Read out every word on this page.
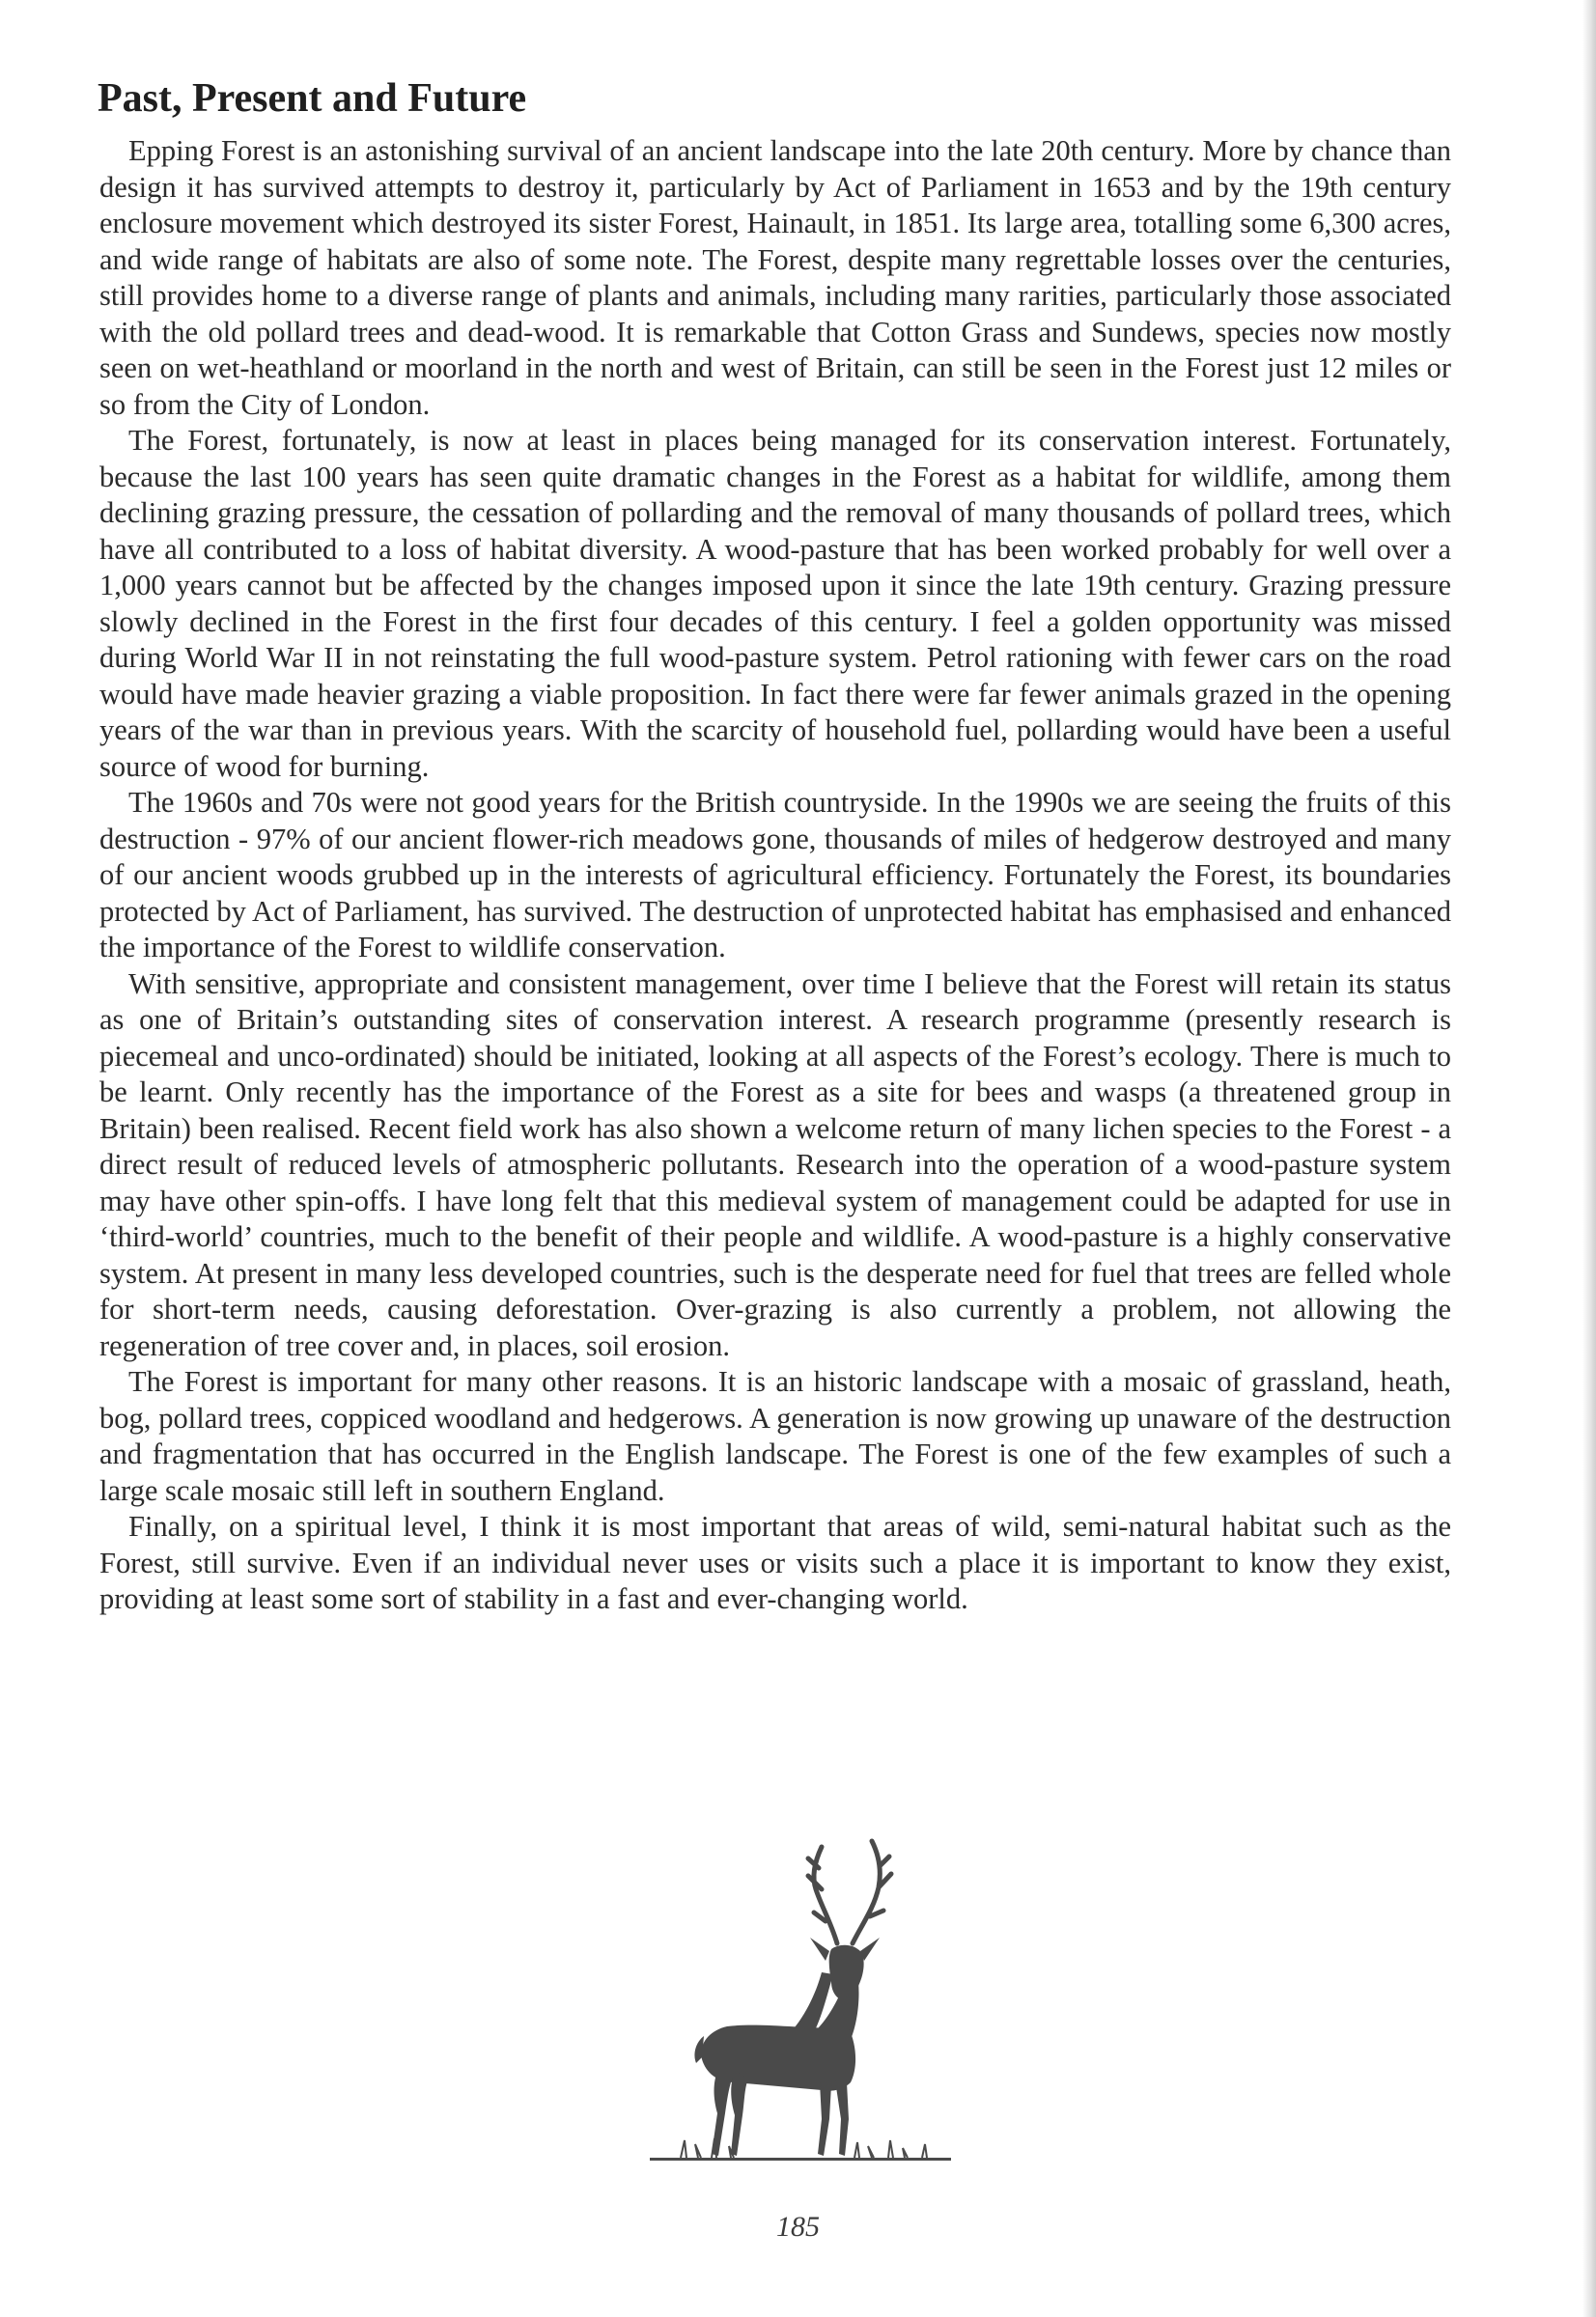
Past, Present and Future

Epping Forest is an astonishing survival of an ancient landscape into the late 20th century. More by chance than design it has survived attempts to destroy it, particularly by Act of Parliament in 1653 and by the 19th century enclosure movement which destroyed its sister Forest, Hainault, in 1851. Its large area, totalling some 6,300 acres, and wide range of habitats are also of some note. The Forest, despite many regrettable losses over the centuries, still provides home to a diverse range of plants and animals, including many rarities, particularly those associated with the old pollard trees and dead-wood. It is remarkable that Cotton Grass and Sundews, species now mostly seen on wet-heathland or moorland in the north and west of Britain, can still be seen in the Forest just 12 miles or so from the City of London.

The Forest, fortunately, is now at least in places being managed for its conservation interest. Fortunately, because the last 100 years has seen quite dramatic changes in the Forest as a habitat for wildlife, among them declining grazing pressure, the cessation of pollarding and the removal of many thousands of pollard trees, which have all contributed to a loss of habitat diversity. A wood-pasture that has been worked probably for well over a 1,000 years cannot but be affected by the changes imposed upon it since the late 19th century. Grazing pressure slowly declined in the Forest in the first four decades of this century. I feel a golden opportunity was missed during World War II in not reinstating the full wood-pasture system. Petrol rationing with fewer cars on the road would have made heavier grazing a viable proposition. In fact there were far fewer animals grazed in the opening years of the war than in previous years. With the scarcity of household fuel, pollarding would have been a useful source of wood for burning.

The 1960s and 70s were not good years for the British countryside. In the 1990s we are seeing the fruits of this destruction - 97% of our ancient flower-rich meadows gone, thousands of miles of hedgerow destroyed and many of our ancient woods grubbed up in the interests of agricultural efficiency. Fortunately the Forest, its boundaries protected by Act of Parliament, has survived. The destruction of unprotected habitat has emphasised and enhanced the importance of the Forest to wildlife conservation.

With sensitive, appropriate and consistent management, over time I believe that the Forest will retain its status as one of Britain’s outstanding sites of conservation interest. A research programme (presently research is piecemeal and unco-ordinated) should be initiated, looking at all aspects of the Forest’s ecology. There is much to be learnt. Only recently has the importance of the Forest as a site for bees and wasps (a threatened group in Britain) been realised. Recent field work has also shown a welcome return of many lichen species to the Forest - a direct result of reduced levels of atmospheric pollutants. Research into the operation of a wood-pasture system may have other spin-offs. I have long felt that this medieval system of management could be adapted for use in ‘third-world’ countries, much to the benefit of their people and wildlife. A wood-pasture is a highly conservative system. At present in many less developed countries, such is the desperate need for fuel that trees are felled whole for short-term needs, causing deforestation. Over-grazing is also currently a problem, not allowing the regeneration of tree cover and, in places, soil erosion.

The Forest is important for many other reasons. It is an historic landscape with a mosaic of grassland, heath, bog, pollard trees, coppiced woodland and hedgerows. A generation is now growing up unaware of the destruction and fragmentation that has occurred in the English landscape. The Forest is one of the few examples of such a large scale mosaic still left in southern England.

Finally, on a spiritual level, I think it is most important that areas of wild, semi-natural habitat such as the Forest, still survive. Even if an individual never uses or visits such a place it is important to know they exist, providing at least some sort of stability in a fast and ever-changing world.

185
